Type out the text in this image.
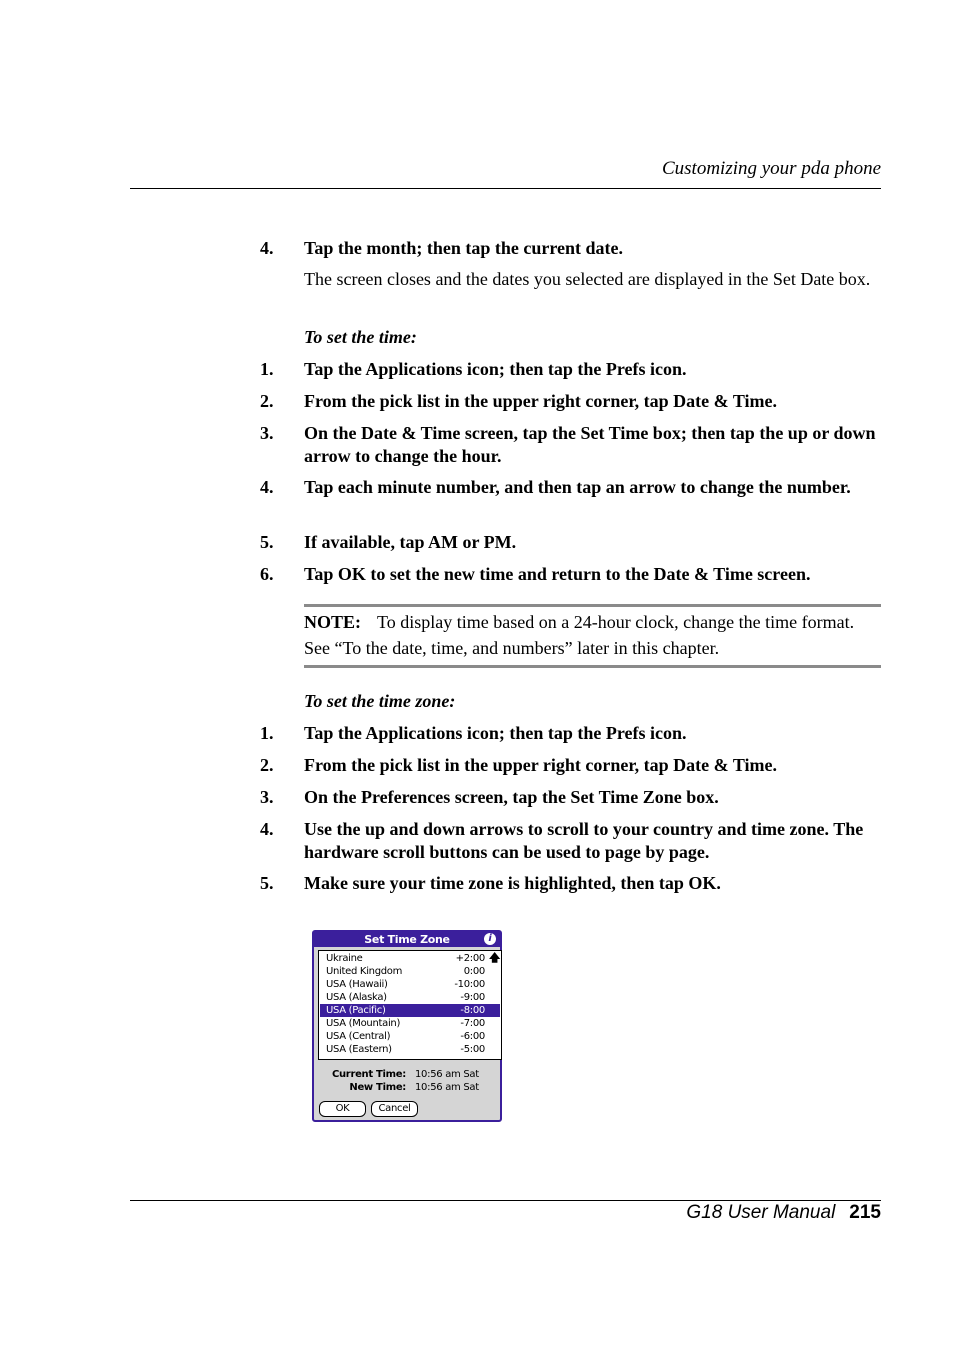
Customizing your pda phone
4. Tap the month; then tap the current date.
The screen closes and the dates you selected are displayed in the Set Date box.
To set the time:
1. Tap the Applications icon; then tap the Prefs icon.
2. From the pick list in the upper right corner, tap Date & Time.
3. On the Date & Time screen, tap the Set Time box; then tap the up or down arrow to change the hour.
4. Tap each minute number, and then tap an arrow to change the number.
5. If available, tap AM or PM.
6. Tap OK to set the new time and return to the Date & Time screen.
NOTE: To display time based on a 24-hour clock, change the time format. See “To the date, time, and numbers” later in this chapter.
To set the time zone:
1. Tap the Applications icon; then tap the Prefs icon.
2. From the pick list in the upper right corner, tap Date & Time.
3. On the Preferences screen, tap the Set Time Zone box.
4. Use the up and down arrows to scroll to your country and time zone. The hardware scroll buttons can be used to page by page.
5. Make sure your time zone is highlighted, then tap OK.
Set Time Zone	i
Ukraine	+2:00
United Kingdom	0:00
USA (Hawaii)	-10:00
USA (Alaska)	-9:00
USA (Pacific)	-8:00
USA (Mountain)	-7:00
USA (Central)	-6:00
USA (Eastern)	-5:00
🡅
Current Time: 10:56 am Sat
New Time: 10:56 am Sat
OK	Cancel
G18 User Manual 215
